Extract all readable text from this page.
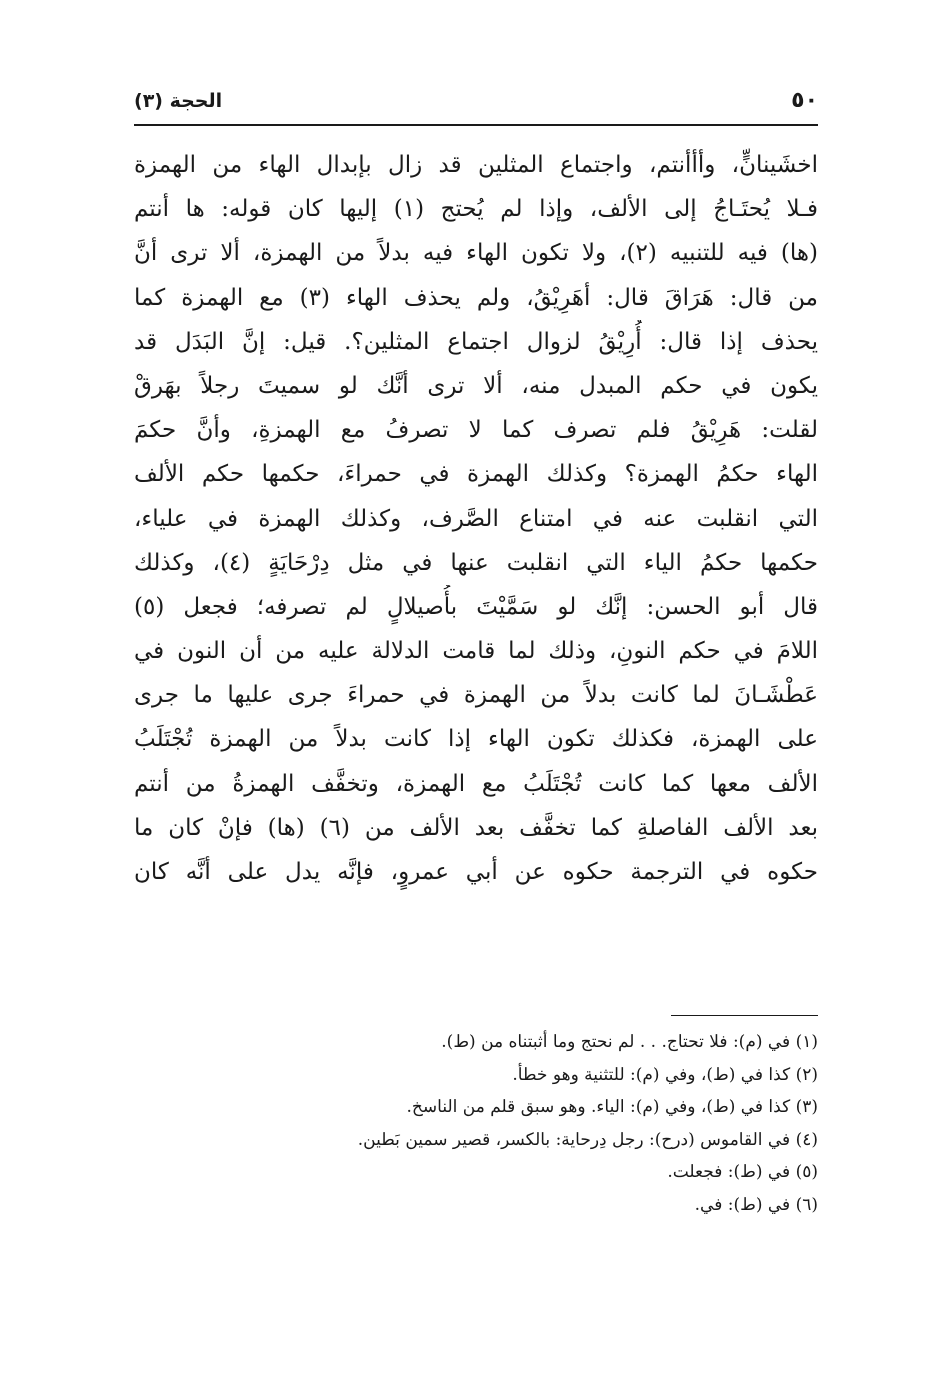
٥٠
الحجة (٣)
اخشَينانٍّ، وأأأنتم، واجتماع المثلين قد زال بإبدال الهاء من الهمزة
فـلا يُحتَـاجُ إلى الألف، وإذا لم يُحتج (١) إليها كان قوله: ها أنتم
(ها) فيه للتنبيه (٢)، ولا تكون الهاء فيه بدلاً من الهمزة، ألا ترى أنَّ
من قال: هَرَاقَ قال: أهَرِيْقُ، ولم يحذف الهاء (٣) مع الهمزة كما
يحذف إذا قال: أُرِيْقُ لزوال اجتماع المثلين؟. قيل: إنَّ البَدَل قد
يكون في حكم المبدل منه، ألا ترى أنَّك لو سميتَ رجلاً بهَرقْ
لقلت: هَرِيْقُ فلم تصرف كما لا تصرفُ مع الهمزةِ، وأنَّ حكمَ
الهاء حكمُ الهمزة؟ وكذلك الهمزة في حمراءَ، حكمها حكم الألف
التي انقلبت عنه في امتناع الصَّرف، وكذلك الهمزة في علياء،
حكمها حكمُ الياء التي انقلبت عنها في مثل دِرْحَايَةٍ (٤)، وكذلك
قال أبو الحسن: إنَّك لو سَمَّيْتَ بأُصيلالٍ لم تصرفه؛ فجعل (٥)
اللامَ في حكم النونِ، وذلك لما قامت الدلالة عليه من أن النون في
عَطْشَـانَ لما كانت بدلاً من الهمزة في حمراءَ جرى عليها ما جرى
على الهمزة، فكذلك تكون الهاء إذا كانت بدلاً من الهمزة تُجْتَلَبُ
الألف معها كما كانت تُجْتَلَبُ مع الهمزة، وتخفَّف الهمزةُ من أنتم
بعد الألف الفاصلةِ كما تخفَّف بعد الألف من (٦) (ها) فإنْ كان ما
حكوه في الترجمة حكوه عن أبي عمروٍ، فإنَّه يدل على أنَّه كان
(١) في (م): فلا تحتاج. . . لم نحتج وما أثبتناه من (ط).
(٢) كذا في (ط)، وفي (م): للتثنية وهو خطأ.
(٣) كذا في (ط)، وفي (م): الياء. وهو سبق قلم من الناسخ.
(٤) في القاموس (درح): رجل دِرحاية: بالكسر، قصير سمين بَطين.
(٥) في (ط): فجعلت.
(٦) في (ط): في.
